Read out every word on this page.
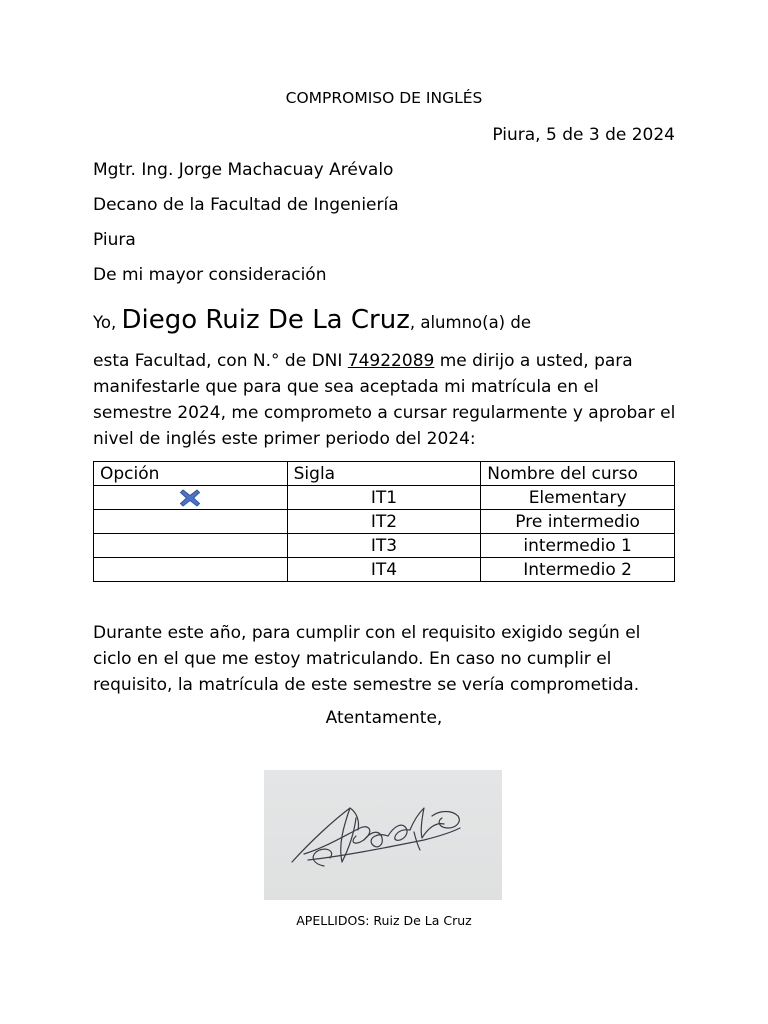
COMPROMISO DE INGLÉS
Piura, 5 de 3 de 2024
Mgtr. Ing. Jorge Machacuay Arévalo
Decano de la Facultad de Ingeniería
Piura
De mi mayor consideración
Yo, Diego Ruiz De La Cruz, alumno(a) de
esta Facultad, con N.° de DNI 74922089 me dirijo a usted, para manifestarle que para que sea aceptada mi matrícula en el semestre 2024, me comprometo a cursar regularmente y aprobar el nivel de inglés este primer periodo del 2024:
Opción	Sigla	Nombre del curso
	IT1	Elementary
	IT2	Pre intermedio
	IT3	intermedio 1
	IT4	Intermedio 2
Durante este año, para cumplir con el requisito exigido según el ciclo en el que me estoy matriculando. En caso no cumplir el requisito, la matrícula de este semestre se vería comprometida.
Atentamente,
APELLIDOS: Ruiz De La Cruz
